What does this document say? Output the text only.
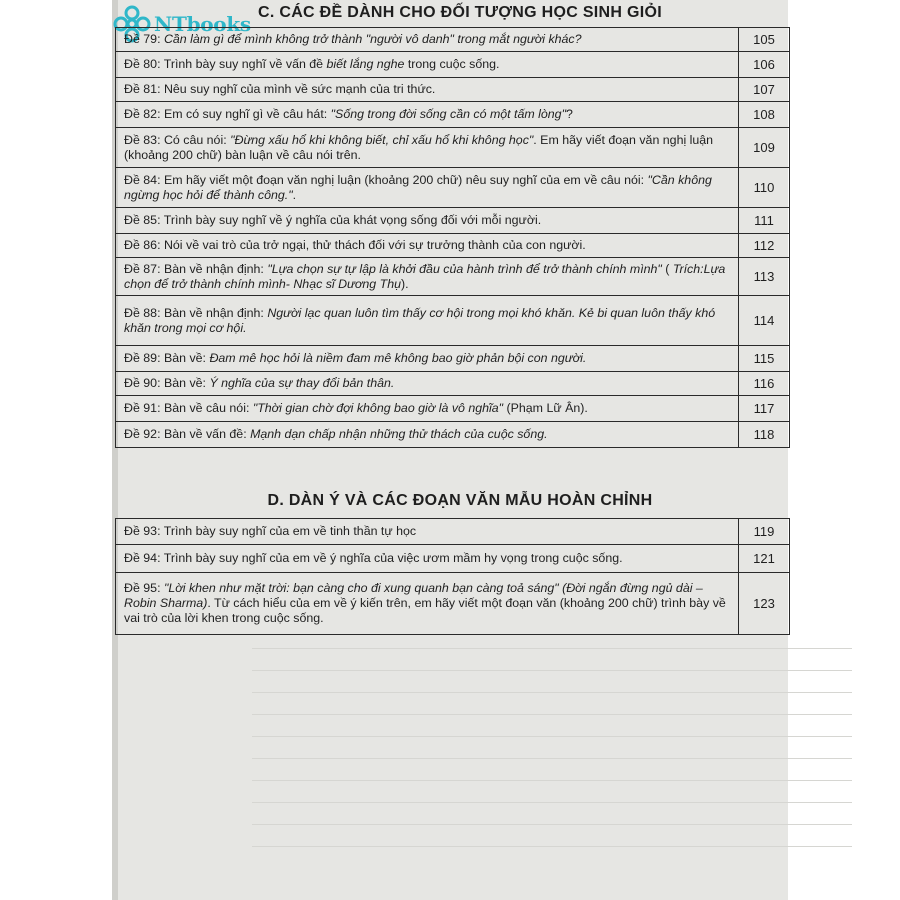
NTbooks C. CÁC ĐỀ DÀNH CHO ĐỐI TƯỢNG HỌC SINH GIỎI
Đề 79: Cần làm gì để mình không trở thành "người vô danh" trong mắt người khác?	105
Đề 80: Trình bày suy nghĩ về vấn đề biết lắng nghe trong cuộc sống.	106
Đề 81: Nêu suy nghĩ của mình về sức mạnh của tri thức.	107
Đề 82: Em có suy nghĩ gì về câu hát: "Sống trong đời sống cần có một tấm lòng"?	108
Đề 83: Có câu nói: "Đừng xấu hổ khi không biết, chỉ xấu hổ khi không học". Em hãy viết đoạn văn nghị luận (khoảng 200 chữ) bàn luận về câu nói trên.	109
Đề 84: Em hãy viết một đoạn văn nghị luận (khoảng 200 chữ) nêu suy nghĩ của em về câu nói: "Cần không ngừng học hỏi để thành công.".	110
Đề 85: Trình bày suy nghĩ về ý nghĩa của khát vọng sống đối với mỗi người.	111
Đề 86: Nói về vai trò của trở ngại, thử thách đối với sự trưởng thành của con người.	112
Đề 87: Bàn về nhận định: "Lựa chọn sự tự lập là khởi đầu của hành trình để trở thành chính mình" ( Trích:Lựa chọn để trở thành chính mình- Nhạc sĩ Dương Thụ).	113
Đề 88: Bàn về nhận định: Người lạc quan luôn tìm thấy cơ hội trong mọi khó khăn. Kẻ bi quan luôn thấy khó khăn trong mọi cơ hội.	114
Đề 89: Bàn về: Đam mê học hỏi là niềm đam mê không bao giờ phản bội con người.	115
Đề 90: Bàn về: Ý nghĩa của sự thay đổi bản thân.	116
Đề 91: Bàn về câu nói: "Thời gian chờ đợi không bao giờ là vô nghĩa" (Phạm Lữ Ân).	117
Đề 92: Bàn về vấn đề: Mạnh dạn chấp nhận những thử thách của cuộc sống.	118
D. DÀN Ý VÀ CÁC ĐOẠN VĂN MẪU HOÀN CHỈNH
Đề 93: Trình bày suy nghĩ của em về tinh thần tự học	119
Đề 94: Trình bày suy nghĩ của em về ý nghĩa của việc ươm mầm hy vọng trong cuộc sống.	121
Đề 95: "Lời khen như mặt trời: bạn càng cho đi xung quanh bạn càng toả sáng" (Đời ngắn đừng ngủ dài – Robin Sharma). Từ cách hiểu của em về ý kiến trên, em hãy viết một đoạn văn (khoảng 200 chữ) trình bày về vai trò của lời khen trong cuộc sống.	123
